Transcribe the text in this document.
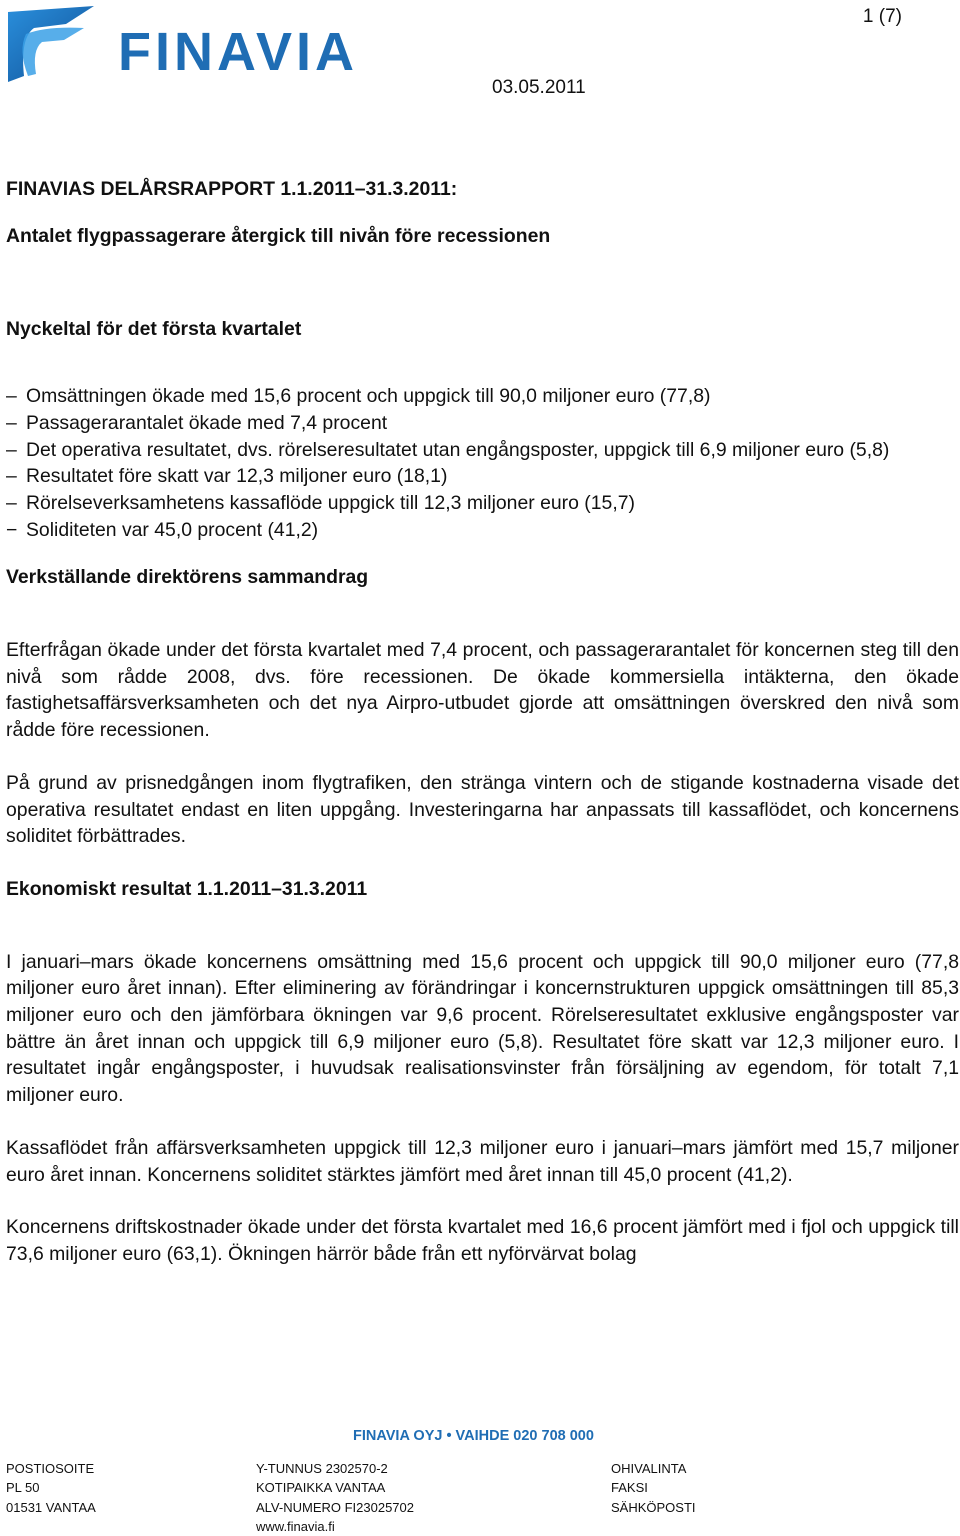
FINAVIA
1 (7)
03.05.2011
FINAVIAS DELÅRSRAPPORT 1.1.2011–31.3.2011:
Antalet flygpassagerare återgick till nivån före recessionen
Nyckeltal för det första kvartalet
– Omsättningen ökade med 15,6 procent och uppgick till 90,0 miljoner euro (77,8)
– Passagerarantalet ökade med 7,4 procent
– Det operativa resultatet, dvs. rörelseresultatet utan engångsposter, uppgick till 6,9 miljoner euro (5,8)
– Resultatet före skatt var 12,3 miljoner euro (18,1)
– Rörelseverksamhetens kassaflöde uppgick till 12,3 miljoner euro (15,7)
− Soliditeten var 45,0 procent (41,2)
Verkställande direktörens sammandrag

Efterfrågan ökade under det första kvartalet med 7,4 procent, och passagerarantalet för koncernen steg till den nivå som rådde 2008, dvs. före recessionen. De ökade kommersiella intäkterna, den ökade fastighetsaffärsverksamheten och det nya Airpro-utbudet gjorde att omsättningen överskred den nivå som rådde före recessionen.

På grund av prisnedgången inom flygtrafiken, den stränga vintern och de stigande kostnaderna visade det operativa resultatet endast en liten uppgång. Investeringarna har anpassats till kassaflödet, och koncernens soliditet förbättrades.

Ekonomiskt resultat 1.1.2011–31.3.2011

I januari–mars ökade koncernens omsättning med 15,6 procent och uppgick till 90,0 miljoner euro (77,8 miljoner euro året innan). Efter eliminering av förändringar i koncernstrukturen uppgick omsättningen till 85,3 miljoner euro och den jämförbara ökningen var 9,6 procent. Rörelseresultatet exklusive engångsposter var bättre än året innan och uppgick till 6,9 miljoner euro (5,8). Resultatet före skatt var 12,3 miljoner euro. I resultatet ingår engångsposter, i huvudsak realisationsvinster från försäljning av egendom, för totalt 7,1 miljoner euro.

Kassaflödet från affärsverksamheten uppgick till 12,3 miljoner euro i januari–mars jämfört med 15,7 miljoner euro året innan. Koncernens soliditet stärktes jämfört med året innan till 45,0 procent (41,2).

Koncernens driftskostnader ökade under det första kvartalet med 16,6 procent jämfört med i fjol och uppgick till 73,6 miljoner euro (63,1). Ökningen härrör både från ett nyförvärvat bolag

FINAVIA OYJ • VAIHDE 020 708 000
POSTIOSOITE
PL 50
01531 VANTAA
Y-TUNNUS 2302570-2
KOTIPAIKKA VANTAA
ALV-NUMERO FI23025702
www.finavia.fi
OHIVALINTA
FAKSI
SÄHKÖPOSTI
